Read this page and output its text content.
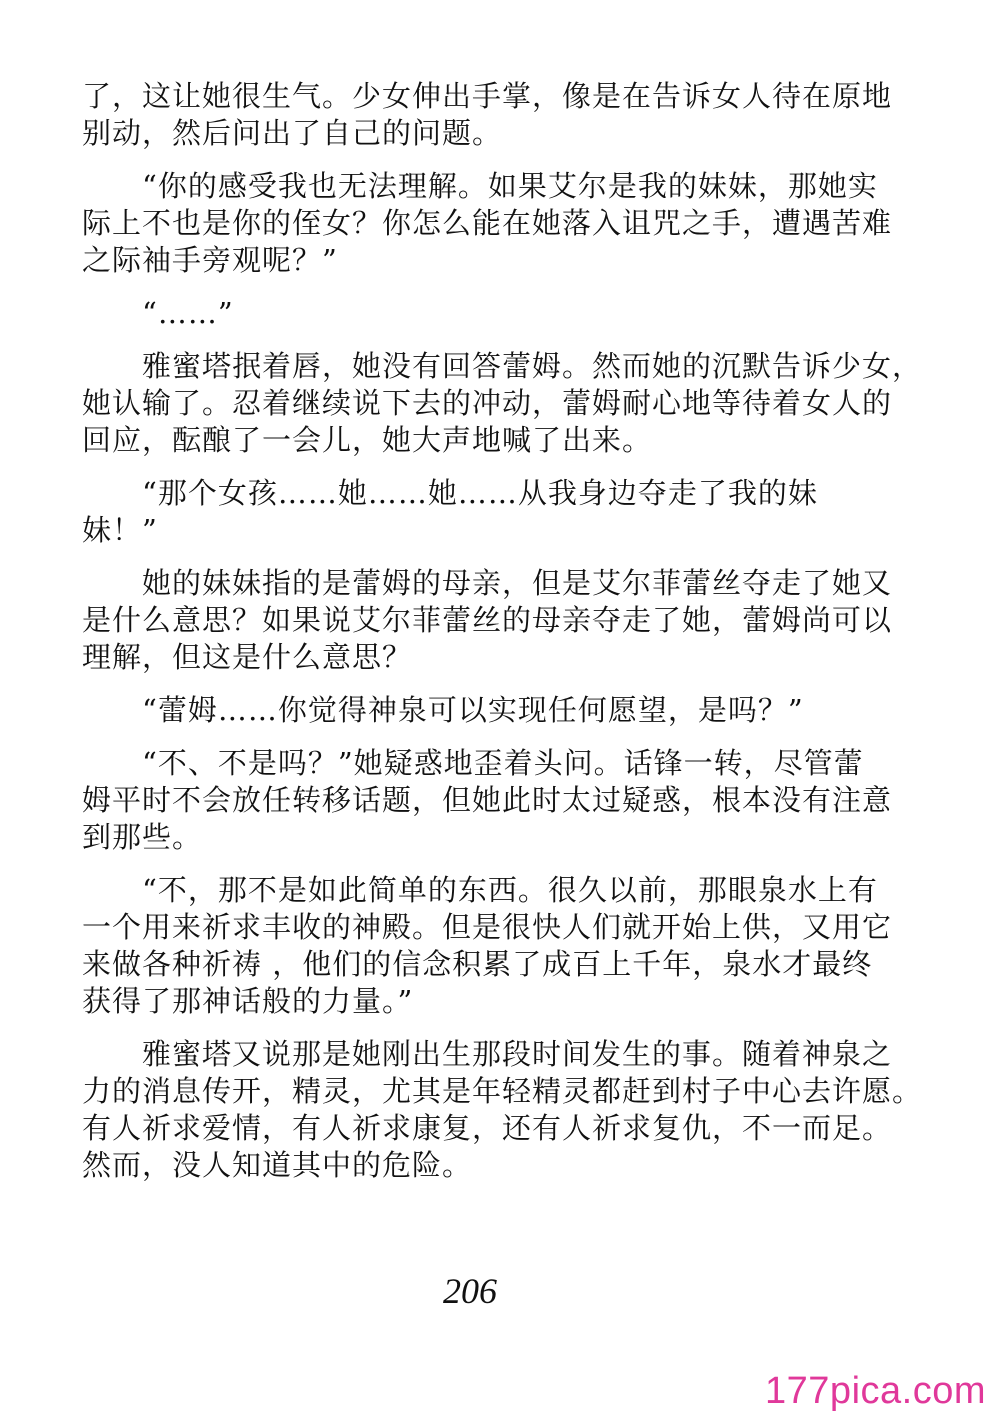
了，这让她很生气。少女伸出手掌，像是在告诉女人待在原地
别动，然后问出了自己的问题。

　　“你的感受我也无法理解。如果艾尔是我的妹妹，那她实
际上不也是你的侄女？你怎么能在她落入诅咒之手，遭遇苦难
之际袖手旁观呢？”

　　“……”

　　雅蜜塔抿着唇，她没有回答蕾姆。然而她的沉默告诉少女，
她认输了。忍着继续说下去的冲动，蕾姆耐心地等待着女人的
回应，酝酿了一会儿，她大声地喊了出来。

　　“那个女孩……她……她……从我身边夺走了我的妹
妹！”

　　她的妹妹指的是蕾姆的母亲，但是艾尔菲蕾丝夺走了她又
是什么意思？如果说艾尔菲蕾丝的母亲夺走了她，蕾姆尚可以
理解，但这是什么意思？

　　“蕾姆……你觉得神泉可以实现任何愿望，是吗？”

　　“不、不是吗？”她疑惑地歪着头问。话锋一转，尽管蕾
姆平时不会放任转移话题，但她此时太过疑惑，根本没有注意
到那些。

　　“不，那不是如此简单的东西。很久以前，那眼泉水上有
一个用来祈求丰收的神殿。但是很快人们就开始上供，又用它
来做各种祈祷 ，他们的信念积累了成百上千年，泉水才最终
获得了那神话般的力量。”

　　雅蜜塔又说那是她刚出生那段时间发生的事。随着神泉之
力的消息传开，精灵，尤其是年轻精灵都赶到村子中心去许愿。
有人祈求爱情，有人祈求康复，还有人祈求复仇，不一而足。
然而，没人知道其中的危险。

206
177pica.com
